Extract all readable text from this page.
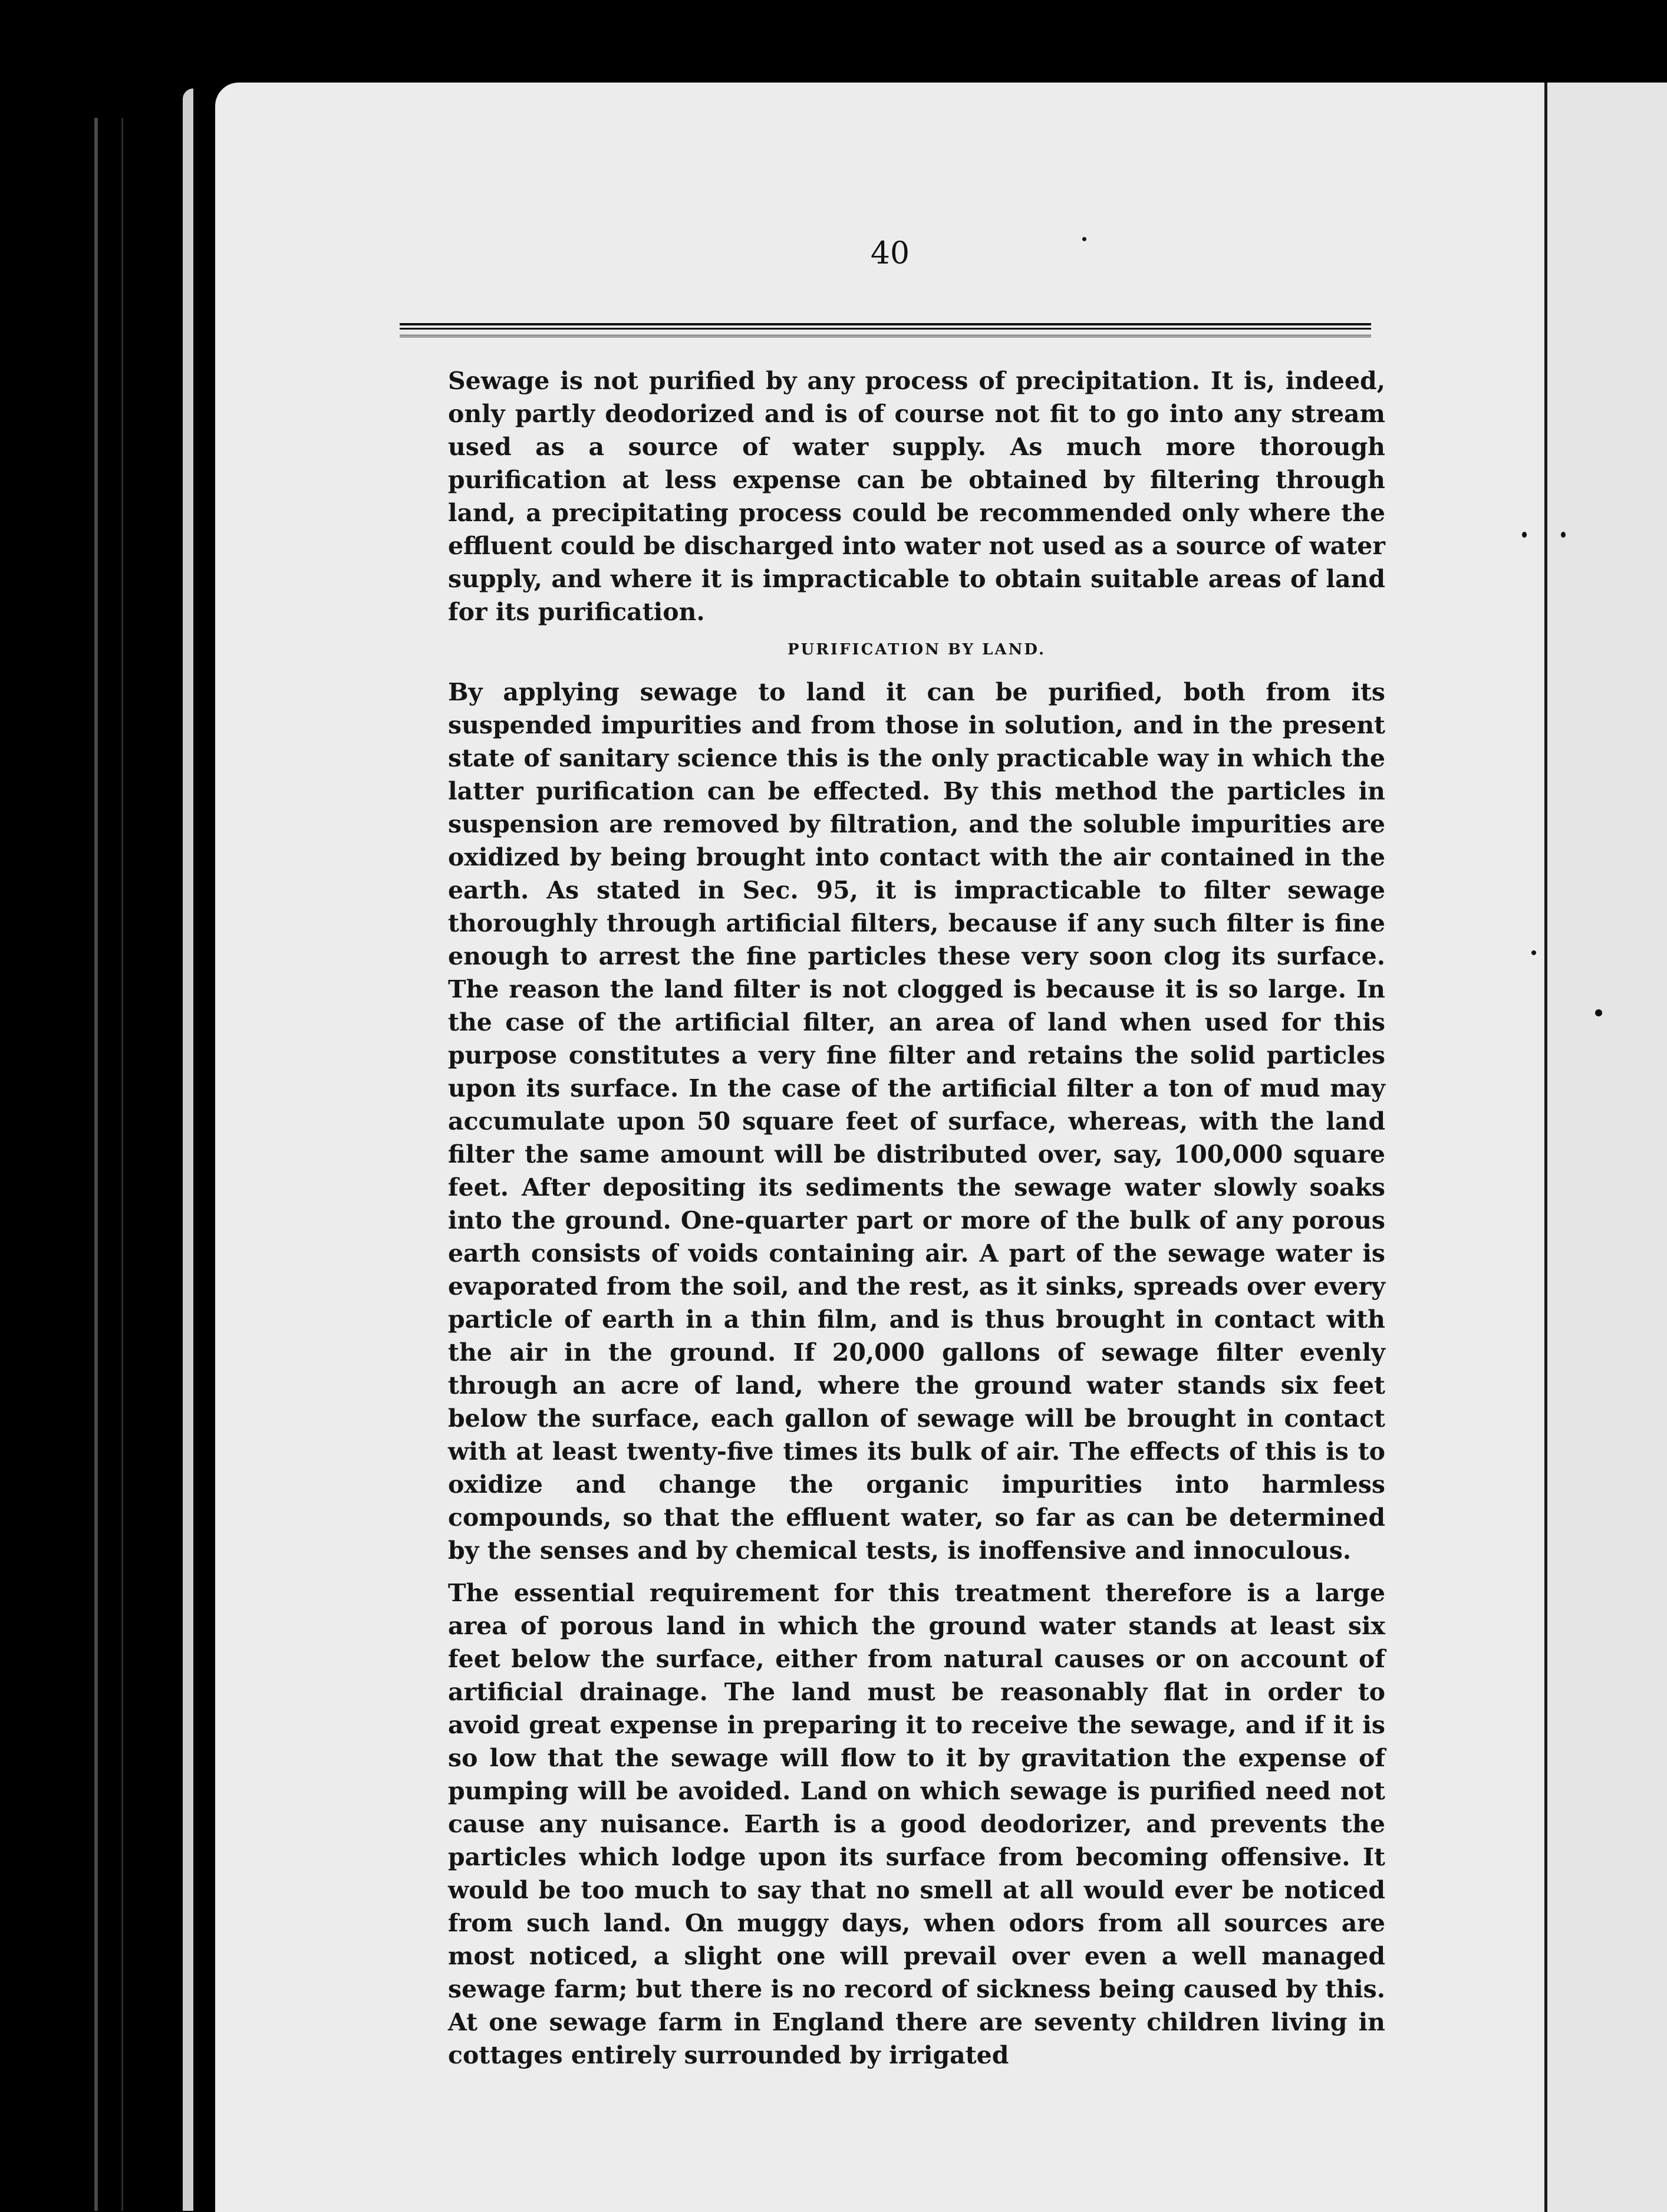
40

Sewage is not purified by any process of precipitation. It is, indeed, only partly deodorized and is of course not fit to go into any stream used as a source of water supply. As much more thorough purification at less expense can be obtained by filtering through land, a precipitating process could be recommended only where the effluent could be discharged into water not used as a source of water supply, and where it is impracticable to obtain suitable areas of land for its purification.

PURIFICATION BY LAND.

By applying sewage to land it can be purified, both from its suspended impurities and from those in solution, and in the present state of sanitary science this is the only practicable way in which the latter purification can be effected. By this method the particles in suspension are removed by filtration, and the soluble impurities are oxidized by being brought into contact with the air contained in the earth. As stated in Sec. 95, it is impracticable to filter sewage thoroughly through artificial filters, because if any such filter is fine enough to arrest the fine particles these very soon clog its surface. The reason the land filter is not clogged is because it is so large. In the case of the artificial filter, an area of land when used for this purpose constitutes a very fine filter and retains the solid particles upon its surface. In the case of the artificial filter a ton of mud may accumulate upon 50 square feet of surface, whereas, with the land filter the same amount will be distributed over, say, 100,000 square feet. After depositing its sediments the sewage water slowly soaks into the ground. One-quarter part or more of the bulk of any porous earth consists of voids containing air. A part of the sewage water is evaporated from the soil, and the rest, as it sinks, spreads over every particle of earth in a thin film, and is thus brought in contact with the air in the ground. If 20,000 gallons of sewage filter evenly through an acre of land, where the ground water stands six feet below the surface, each gallon of sewage will be brought in contact with at least twenty-five times its bulk of air. The effects of this is to oxidize and change the organic impurities into harmless compounds, so that the effluent water, so far as can be determined by the senses and by chemical tests, is inoffensive and innoculous.

The essential requirement for this treatment therefore is a large area of porous land in which the ground water stands at least six feet below the surface, either from natural causes or on account of artificial drainage. The land must be reasonably flat in order to avoid great expense in preparing it to receive the sewage, and if it is so low that the sewage will flow to it by gravitation the expense of pumping will be avoided. Land on which sewage is purified need not cause any nuisance. Earth is a good deodorizer, and prevents the particles which lodge upon its surface from becoming offensive. It would be too much to say that no smell at all would ever be noticed from such land. On muggy days, when odors from all sources are most noticed, a slight one will prevail over even a well managed sewage farm; but there is no record of sickness being caused by this. At one sewage farm in England there are seventy children living in cottages entirely surrounded by irrigated
